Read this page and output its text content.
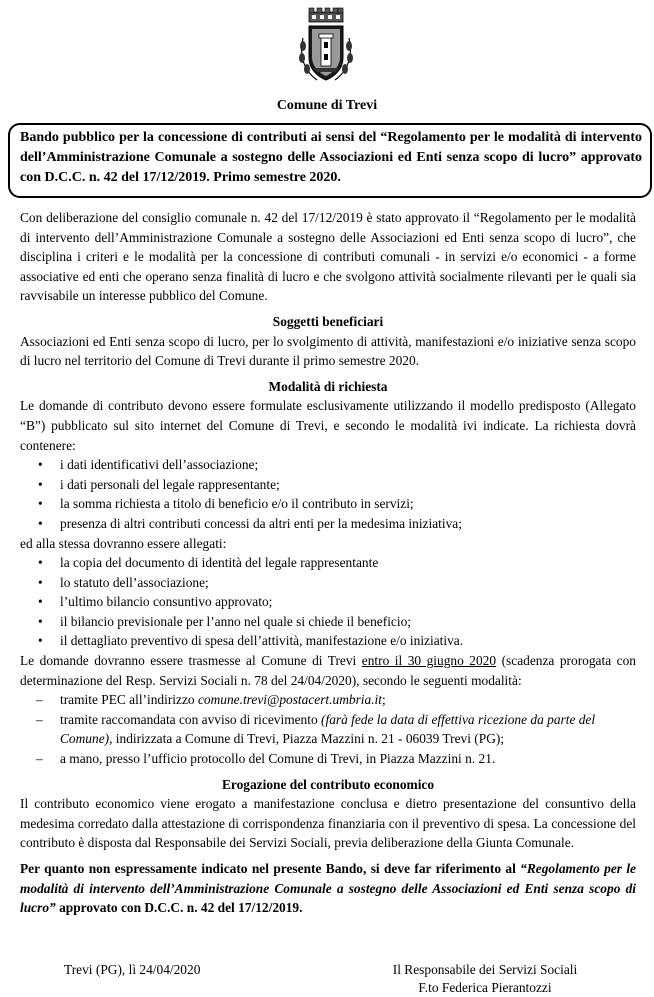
Comune di Trevi
Bando pubblico per la concessione di contributi ai sensi del “Regolamento per le modalità di intervento dell’Amministrazione Comunale a sostegno delle Associazioni ed Enti senza scopo di lucro” approvato con D.C.C. n. 42 del 17/12/2019. Primo semestre 2020.

Con deliberazione del consiglio comunale n. 42 del 17/12/2019 è stato approvato il “Regolamento per le modalità di intervento dell’Amministrazione Comunale a sostegno delle Associazioni ed Enti senza scopo di lucro”, che disciplina i criteri e le modalità per la concessione di contributi comunali - in servizi e/o economici - a forme associative ed enti che operano senza finalità di lucro e che svolgono attività socialmente rilevanti per le quali sia ravvisabile un interesse pubblico del Comune.

Soggetti beneficiari

Associazioni ed Enti senza scopo di lucro, per lo svolgimento di attività, manifestazioni e/o iniziative senza scopo di lucro nel territorio del Comune di Trevi durante il primo semestre 2020.

Modalità di richiesta

Le domande di contributo devono essere formulate esclusivamente utilizzando il modello predisposto (Allegato “B”) pubblicato sul sito internet del Comune di Trevi, e secondo le modalità ivi indicate. La richiesta dovrà contenere:

• i dati identificativi dell’associazione;
• i dati personali del legale rappresentante;
• la somma richiesta a titolo di beneficio e/o il contributo in servizi;
• presenza di altri contributi concessi da altri enti per la medesima iniziativa;

ed alla stessa dovranno essere allegati:

• la copia del documento di identità del legale rappresentante
• lo statuto dell’associazione;
• l’ultimo bilancio consuntivo approvato;
• il bilancio previsionale per l’anno nel quale si chiede il beneficio;
• il dettagliato preventivo di spesa dell’attività, manifestazione e/o iniziativa.

Le domande dovranno essere trasmesse al Comune di Trevi entro il 30 giugno 2020 (scadenza prorogata con determinazione del Resp. Servizi Sociali n. 78 del 24/04/2020), secondo le seguenti modalità:

– tramite PEC all’indirizzo comune.trevi@postacert.umbria.it;
– tramite raccomandata con avviso di ricevimento (farà fede la data di effettiva ricezione da parte del Comune), indirizzata a Comune di Trevi, Piazza Mazzini n. 21 - 06039 Trevi (PG);
– a mano, presso l’ufficio protocollo del Comune di Trevi, in Piazza Mazzini n. 21.
Erogazione del contributo economico

Il contributo economico viene erogato a manifestazione conclusa e dietro presentazione del consuntivo della medesima corredato dalla attestazione di corrispondenza finanziaria con il preventivo di spesa. La concessione del contributo è disposta dal Responsabile dei Servizi Sociali, previa deliberazione della Giunta Comunale.

Per quanto non espressamente indicato nel presente Bando, si deve far riferimento al “Regolamento per le modalità di intervento dell’Amministrazione Comunale a sostegno delle Associazioni ed Enti senza scopo di lucro” approvato con D.C.C. n. 42 del 17/12/2019.

Trevi (PG), lì 24/04/2020	Il Responsabile dei Servizi Sociali
F.to Federica Pierantozzi
